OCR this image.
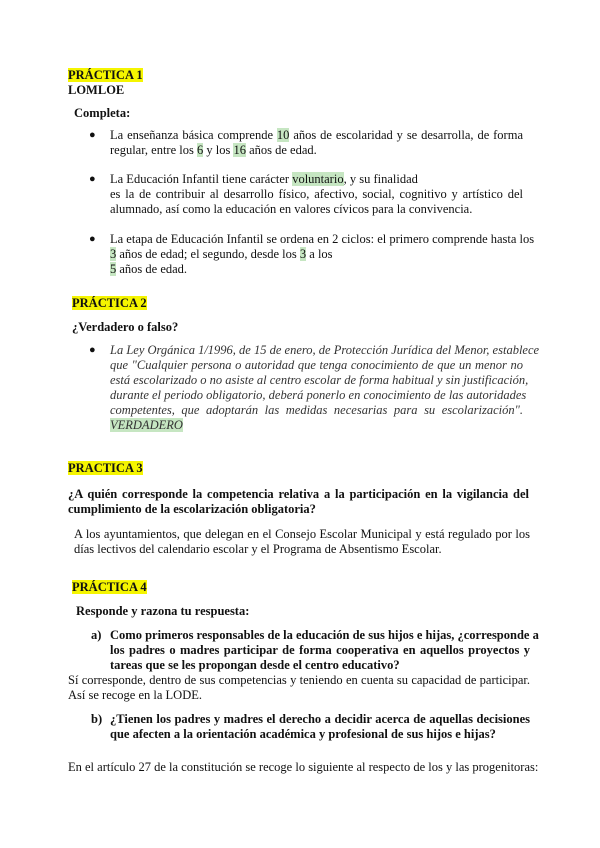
PRÁCTICA 1
LOMLOE
Completa:
● La enseñanza básica comprende 10 años de escolaridad y se desarrolla, de forma
regular, entre los 6 y los 16 años de edad.
● La Educación Infantil tiene carácter voluntario, y su finalidad
es la de contribuir al desarrollo físico, afectivo, social, cognitivo y artístico del
alumnado, así como la educación en valores cívicos para la convivencia.
● La etapa de Educación Infantil se ordena en 2 ciclos: el primero comprende hasta los
3 años de edad; el segundo, desde los 3 a los
5 años de edad.
PRÁCTICA 2
¿Verdadero o falso?
● La Ley Orgánica 1/1996, de 15 de enero, de Protección Jurídica del Menor, establece
que "Cualquier persona o autoridad que tenga conocimiento de que un menor no
está escolarizado o no asiste al centro escolar de forma habitual y sin justificación,
durante el periodo obligatorio, deberá ponerlo en conocimiento de las autoridades
competentes, que adoptarán las medidas necesarias para su escolarización".
VERDADERO
PRACTICA 3
¿A quién corresponde la competencia relativa a la participación en la vigilancia del
cumplimiento de la escolarización obligatoria?
A los ayuntamientos, que delegan en el Consejo Escolar Municipal y está regulado por los
días lectivos del calendario escolar y el Programa de Absentismo Escolar.
PRÁCTICA 4
Responde y razona tu respuesta:
a) Como primeros responsables de la educación de sus hijos e hijas, ¿corresponde a
los padres o madres participar de forma cooperativa en aquellos proyectos y
tareas que se les propongan desde el centro educativo?
Sí corresponde, dentro de sus competencias y teniendo en cuenta su capacidad de participar.
Así se recoge en la LODE.
b) ¿Tienen los padres y madres el derecho a decidir acerca de aquellas decisiones
que afecten a la orientación académica y profesional de sus hijos e hijas?
En el artículo 27 de la constitución se recoge lo siguiente al respecto de los y las progenitoras:
